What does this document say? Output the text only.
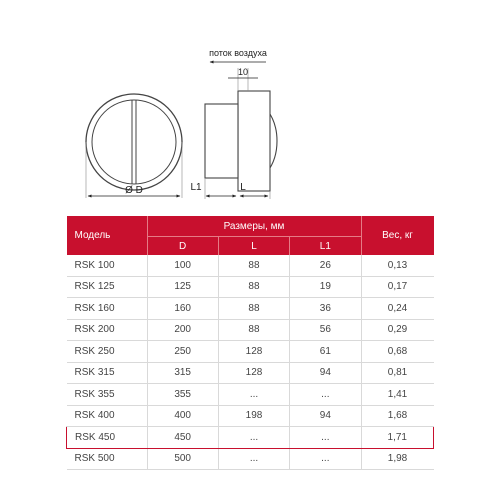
Ø D
поток воздуха
10
L1	L
Модель	Размеры, мм			Вес, кг
	D	L	L1	
RSK 100	100	88	26	0,13
RSK 125	125	88	19	0,17
RSK 160	160	88	36	0,24
RSK 200	200	88	56	0,29
RSK 250	250	128	61	0,68
RSK 315	315	128	94	0,81
RSK 355	355	...	...	1,41
RSK 400	400	198	94	1,68
RSK 450	450	...	...	1,71
RSK 500	500	...	...	1,98
